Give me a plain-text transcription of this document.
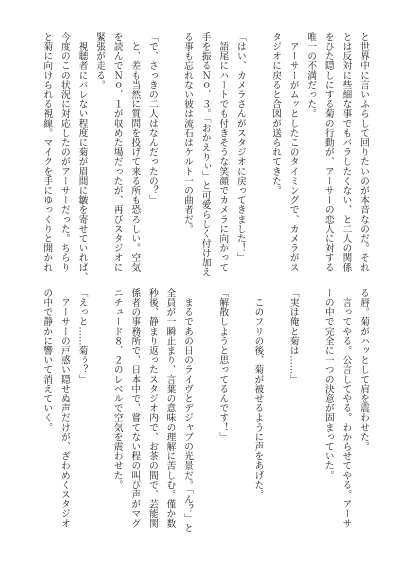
と世界中に言いふらして回りたいのが本音なのだ。それ
とは反対に些細な事でもバラしたくない、と二人の関係
をひた隠しにする菊の行動が、アーサーの恋人に対する
唯一の不満だった。
　アーサーがムッとしたこのタイミングで、カメラがス
タジオに戻ると合図が送られてきた。
「はい、カメラさんがスタジオに戻ってきました！」
　語尾にハートでも付きそうな笑顔でカメラに向かって
手を振るＮｏ．３。「おかえりぃ」と可愛らしく付け加え
る事も忘れない彼は流石はケルト一の曲者だ。
「で、さっきの二人はなんだったの？」
　と、差も当然に質問を投げて来る所も恐ろしい。空気
を読んでＮｏ．１が収めた場だったが、再びスタジオに
緊張が走る。
　視聴者にバレない程度に菊が眉間に皺を寄せていれば、
今度のこの状況に対応したのがアーサーだった。ちらり
と菊に向けられる視線。マイクを手にゆっくりと開かれ
る唇。菊がハッとして肩を震わせた。
　言ってやる。公言してやる。わからせてやる。アーサ
ーの中で完全に一つの決意が固まっていた。
「実は俺と菊は……」
　このフリの後、菊が被せるように声をあげた。
「解散しようと思ってるんです！」
　まるであの日のライヴとデジャブの光景だ。「ん？」と
全員が一瞬止まり、言葉の意味の理解に苦しむ。僅か数
秒後、静まり返ったスタジオ内で、お茶の間で、芸能関
係者の事務所で、日本中で、嘗てない程の叫び声がマグ
ニチュード８．２のレベルで空気を震わせた。
「えっと……菊ぅ？」
　アーサーの戸惑い隠せぬ声だけが、ざわめくスタジオ
の中で静かに響いて消えていく。
